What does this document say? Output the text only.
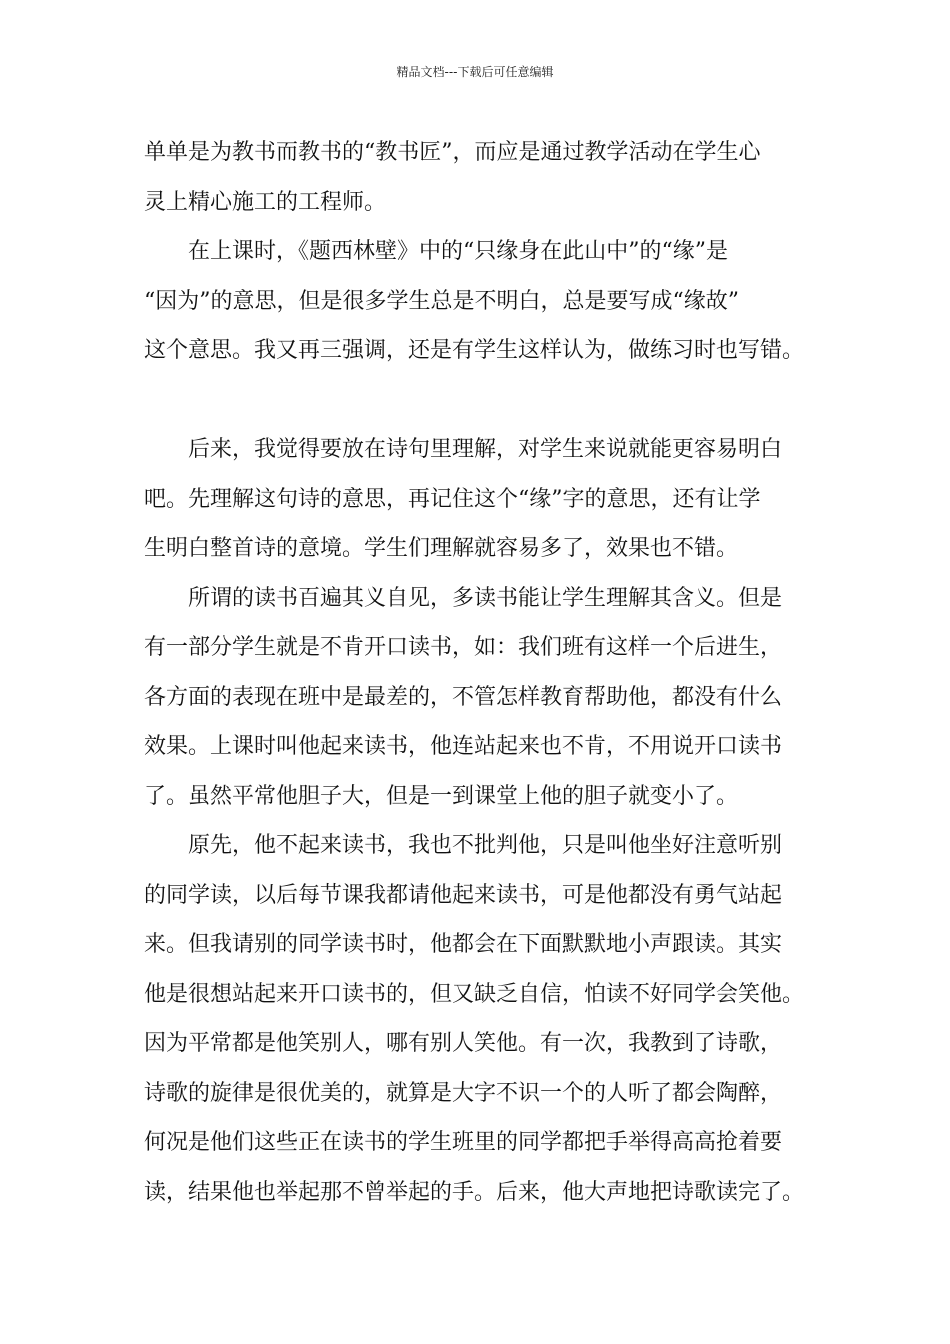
精品文档---下载后可任意编辑
单单是为教书而教书的“教书匠”，而应是通过教学活动在学生心
灵上精心施工的工程师。
　　在上课时，《题西林壁》中的“只缘身在此山中”的“缘”是
“因为”的意思，但是很多学生总是不明白，总是要写成“缘故”
这个意思。我又再三强调，还是有学生这样认为，做练习时也写错。
　　后来，我觉得要放在诗句里理解，对学生来说就能更容易明白
吧。先理解这句诗的意思，再记住这个“缘”字的意思，还有让学
生明白整首诗的意境。学生们理解就容易多了，效果也不错。
　　所谓的读书百遍其义自见，多读书能让学生理解其含义。但是
有一部分学生就是不肯开口读书，如：我们班有这样一个后进生，
各方面的表现在班中是最差的，不管怎样教育帮助他，都没有什么
效果。上课时叫他起来读书，他连站起来也不肯，不用说开口读书
了。虽然平常他胆子大，但是一到课堂上他的胆子就变小了。
　　原先，他不起来读书，我也不批判他，只是叫他坐好注意听别
的同学读，以后每节课我都请他起来读书，可是他都没有勇气站起
来。但我请别的同学读书时，他都会在下面默默地小声跟读。其实
他是很想站起来开口读书的，但又缺乏自信，怕读不好同学会笑他。
因为平常都是他笑别人，哪有别人笑他。有一次，我教到了诗歌，
诗歌的旋律是很优美的，就算是大字不识一个的人听了都会陶醉，
何况是他们这些正在读书的学生班里的同学都把手举得高高抢着要
读，结果他也举起那不曾举起的手。后来，他大声地把诗歌读完了。
